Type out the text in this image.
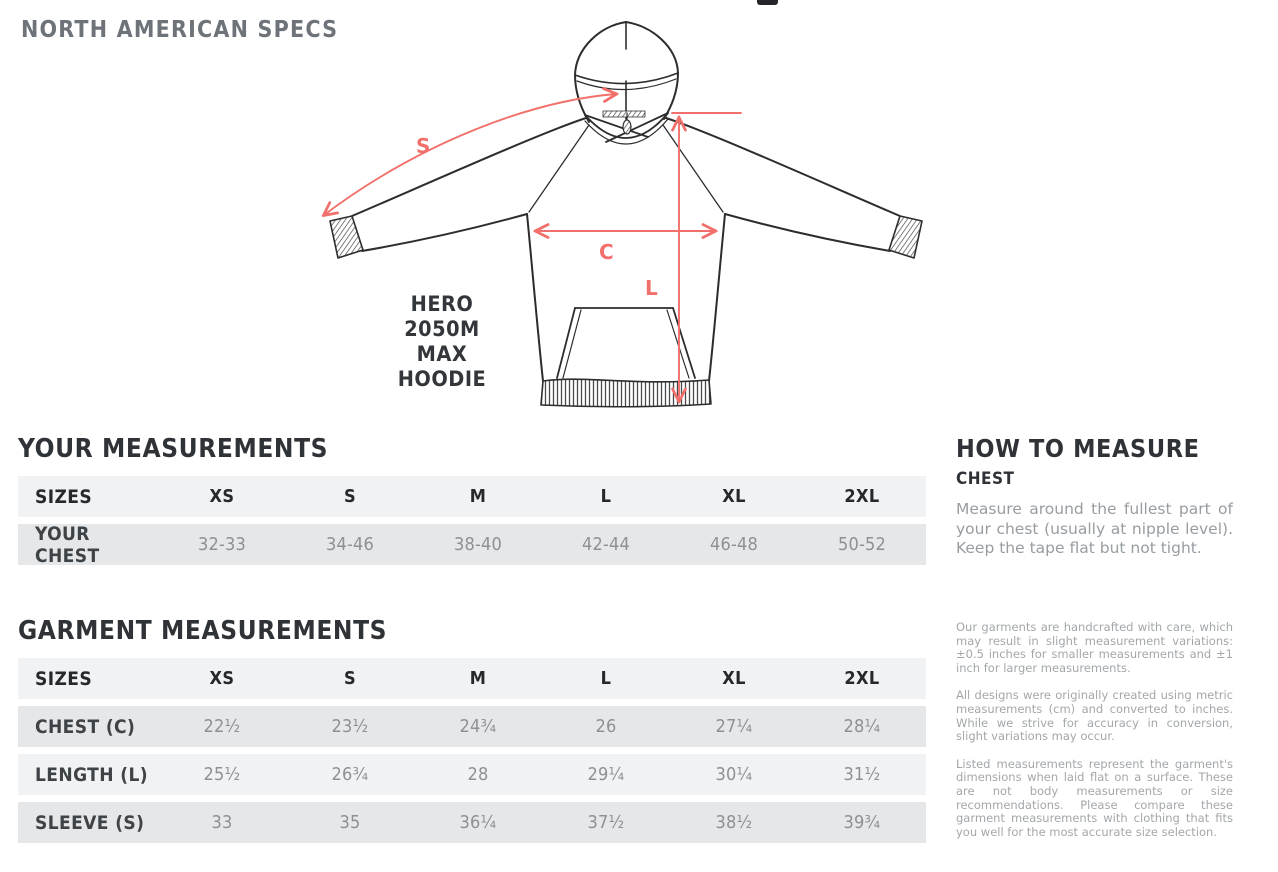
NORTH AMERICAN SPECS
S
C
L
HERO 2050M
MAX HOODIE
YOUR MEASUREMENTS
SIZES	XS	S	M	L	XL	2XL
YOUR CHEST	32-33	34-46	38-40	42-44	46-48	50-52
GARMENT MEASUREMENTS
SIZES	XS	S	M	L	XL	2XL
CHEST (C)	22½	23½	24¾	26	27¼	28¼
LENGTH (L)	25½	26¾	28	29¼	30¼	31½
SLEEVE (S)	33	35	36¼	37½	38½	39¾
HOW TO MEASURE
CHEST
Measure around the fullest part of your chest (usually at nipple level). Keep the tape flat but not tight.

Our garments are handcrafted with care, which may result in slight measurement variations: ±0.5 inches for smaller measurements and ±1 inch for larger measurements.

All designs were originally created using metric measurements (cm) and converted to inches. While we strive for accuracy in conversion, slight variations may occur.

Listed measurements represent the garment's dimensions when laid flat on a surface. These are not body measurements or size recommendations. Please compare these garment measurements with clothing that fits you well for the most accurate size selection.
